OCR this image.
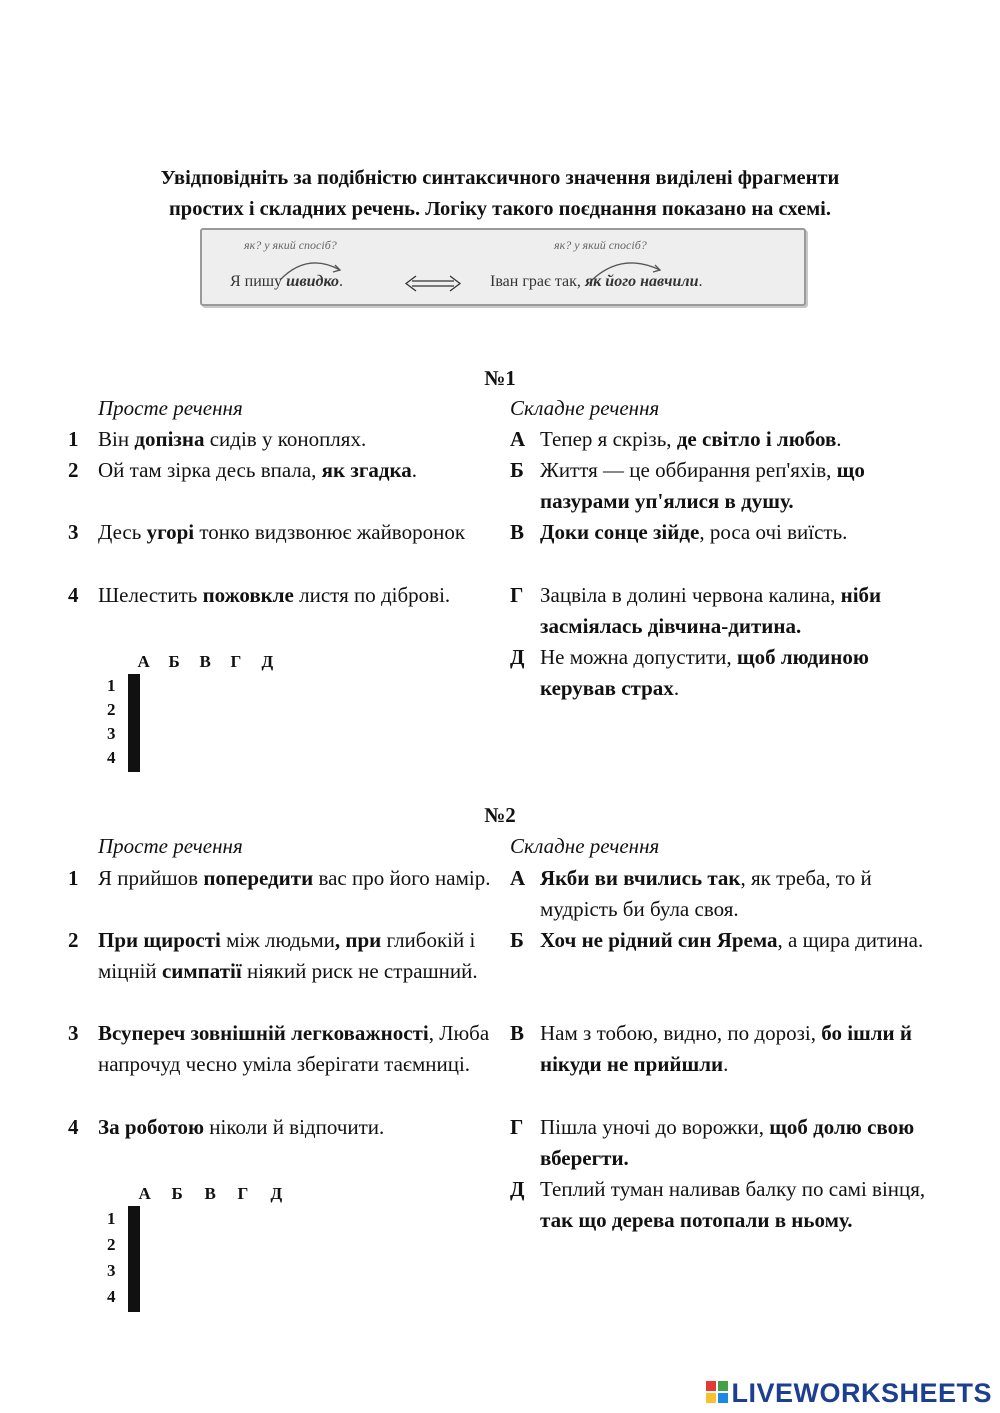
Увідповідніть за подібністю синтаксичного значення виділені фрагменти
простих і складних речень. Логіку такого поєднання показано на схемі.
як? у який спосіб?
Я пишу швидко.
як? у який спосіб?
Іван грає так, як його навчили.
№1
Просте речення	Складне речення
1 Він допізна сидів у коноплях.
2 Ой там зірка десь впала, як згадка.
3 Десь угорі тонко видзвонює жайворонок
4 Шелестить пожовкле листя по діброві.
А Тепер я скрізь, де світло і любов.
Б Життя — це оббирання реп'яхів, що пазурами уп'ялися в душу.
В Доки сонце зійде, роса очі виїсть.
Г Зацвіла в долині червона калина, ніби засміялась дівчина-дитина.
Д Не можна допустити, щоб людиною керував страх.
А Б В Г Д
1
2
3
4

№2
Просте речення	Складне речення
1 Я прийшов попередити вас про його намір.
2 При щирості між людьми, при глибокій і міцній симпатії ніякий риск не страшний.
3 Всупереч зовнішній легковажності, Люба напрочуд чесно уміла зберігати таємниці.
4 За роботою ніколи й відпочити.
А Якби ви вчились так, як треба, то й мудрість би була своя.
Б Хоч не рідний син Ярема, а щира дитина.
В Нам з тобою, видно, по дорозі, бо ішли й нікуди не прийшли.
Г Пішла уночі до ворожки, щоб долю свою вберегти.
Д Теплий туман наливав балку по самі вінця, так що дерева потопали в ньому.
А Б В Г Д
1
2
3
4

LIVEWORKSHEETS
